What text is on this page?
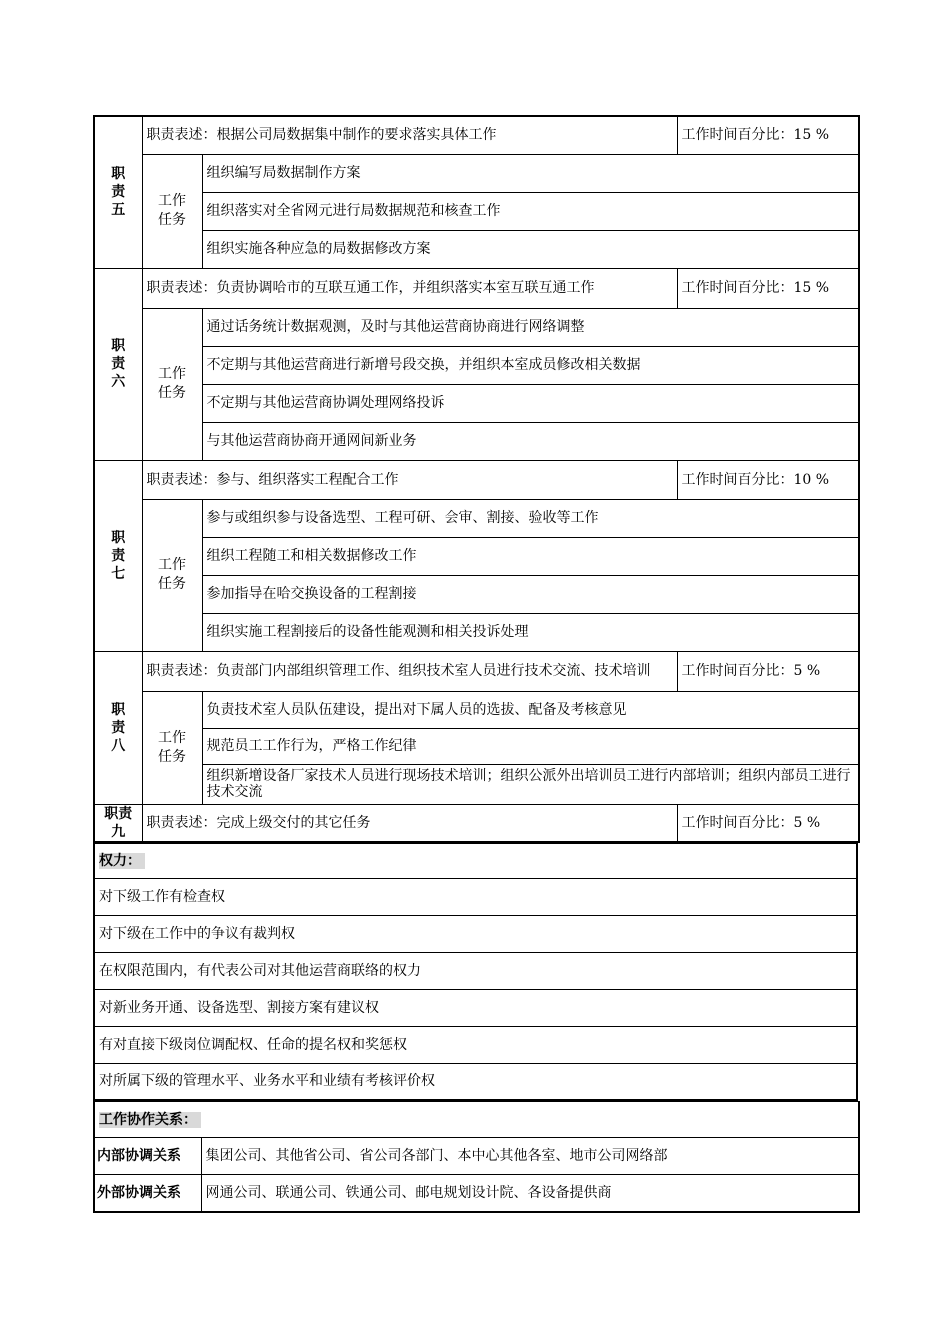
职责五	职责表述：根据公司局数据集中制作的要求落实具体工作		工作时间百分比：15 %

	工作任务	组织编写局数据制作方案	
		组织落实对全省网元进行局数据规范和核查工作	
		组织实施各种应急的局数据修改方案	

职责六	职责表述：负责协调哈市的互联互通工作，并组织落实本室互联互通工作		工作时间百分比：15 %

	工作任务	通过话务统计数据观测，及时与其他运营商协商进行网络调整	
		不定期与其他运营商进行新增号段交换，并组织本室成员修改相关数据	
		不定期与其他运营商协调处理网络投诉	
		与其他运营商协商开通网间新业务	

职责七	职责表述：参与、组织落实工程配合工作		工作时间百分比：10 %

	工作任务	参与或组织参与设备选型、工程可研、会审、割接、验收等工作	
		组织工程随工和相关数据修改工作	
		参加指导在哈交换设备的工程割接	
		组织实施工程割接后的设备性能观测和相关投诉处理	

职责八	职责表述：负责部门内部组织管理工作、组织技术室人员进行技术交流、技术培训		工作时间百分比：5 %

	工作任务	负责技术室人员队伍建设，提出对下属人员的选拔、配备及考核意见	
		规范员工工作行为，严格工作纪律	
		组织新增设备厂家技术人员进行现场技术培训；组织公派外出培训员工进行内部培训；组织内部员工进行技术交流	

职责九	职责表述：完成上级交付的其它任务		工作时间百分比：5 %
权力：
对下级工作有检查权
对下级在工作中的争议有裁判权
在权限范围内，有代表公司对其他运营商联络的权力
对新业务开通、设备选型、割接方案有建议权
有对直接下级岗位调配权、任命的提名权和奖惩权
对所属下级的管理水平、业务水平和业绩有考核评价权
工作协作关系：	
内部协调关系	集团公司、其他省公司、省公司各部门、本中心其他各室、地市公司网络部
外部协调关系	网通公司、联通公司、铁通公司、邮电规划设计院、各设备提供商
